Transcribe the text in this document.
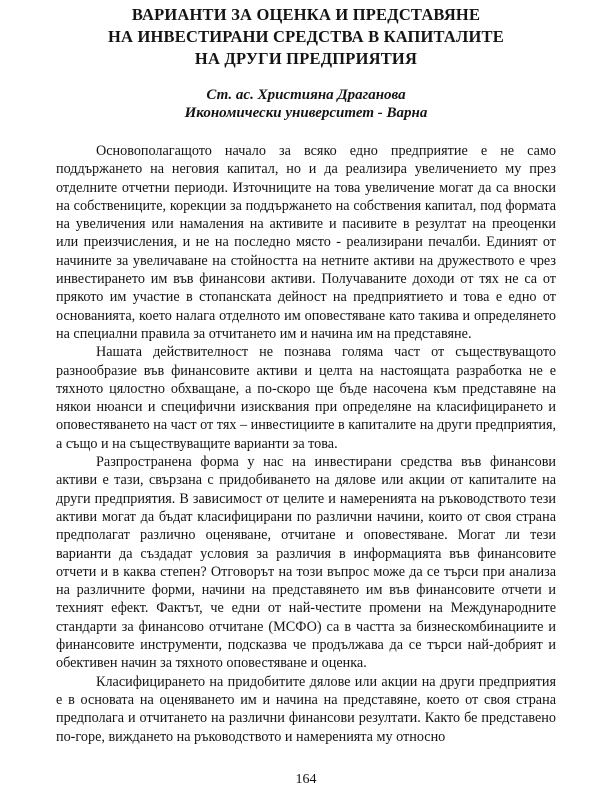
ВАРИАНТИ ЗА ОЦЕНКА И ПРЕДСТАВЯНЕ
НА ИНВЕСТИРАНИ СРЕДСТВА В КАПИТАЛИТЕ
НА ДРУГИ ПРЕДПРИЯТИЯ
Ст. ас. Християна Драганова
Икономически университет - Варна

Основополагащото начало за всяко едно предприятие е не само поддържането на неговия капитал, но и да реализира увеличението му през отделните отчетни периоди. Източниците на това увеличение могат да са вноски на собствениците, корекции за поддържането на собствения капитал, под формата на увеличения или намаления на активите и пасивите в резултат на преоценки или преизчисления, и не на последно място - реализирани печалби. Единият от начините за увеличаване на стойността на нетните активи на дружеството е чрез инвестирането им във финансови активи. Получаваните доходи от тях не са от прякото им участие в стопанската дейност на предприятието и това е едно от основанията, което налага отделното им оповестяване като такива и определянето на специални правила за отчитането им и начина им на представяне.

Нашата действителност не познава голяма част от съществуващото разнообразие във финансовите активи и целта на настоящата разработка не е тяхното цялостно обхващане, а по-скоро ще бъде насочена към представяне на някои нюанси и специфични изисквания при определяне на класифицирането и оповестяването на част от тях – инвестициите в капиталите на други предприятия, а също и на съществуващите варианти за това.

Разпространена форма у нас на инвестирани средства във финансови активи е тази, свързана с придобиването на дялове или акции от капиталите на други предприятия. В зависимост от целите и намеренията на ръководството тези активи могат да бъдат класифицирани по различни начини, които от своя страна предполагат различно оценяване, отчитане и оповестяване. Могат ли тези варианти да създадат условия за различия в информацията във финансовите отчети и в каква степен? Отговорът на този въпрос може да се търси при анализа на различните форми, начини на представянето им във финансовите отчети и техният ефект. Фактът, че едни от най-честите промени на Международните стандарти за финансово отчитане (МСФО) са в частта за бизнескомбинациите и финансовите инструменти, подсказва че продължава да се търси най-добрият и обективен начин за тяхното оповестяване и оценка.

Класифицирането на придобитите дялове или акции на други предприятия е в основата на оценяването им и начина на представяне, което от своя страна предполага и отчитането на различни финансови резултати. Както бе представено по-горе, виждането на ръководството и намеренията му относно

164
